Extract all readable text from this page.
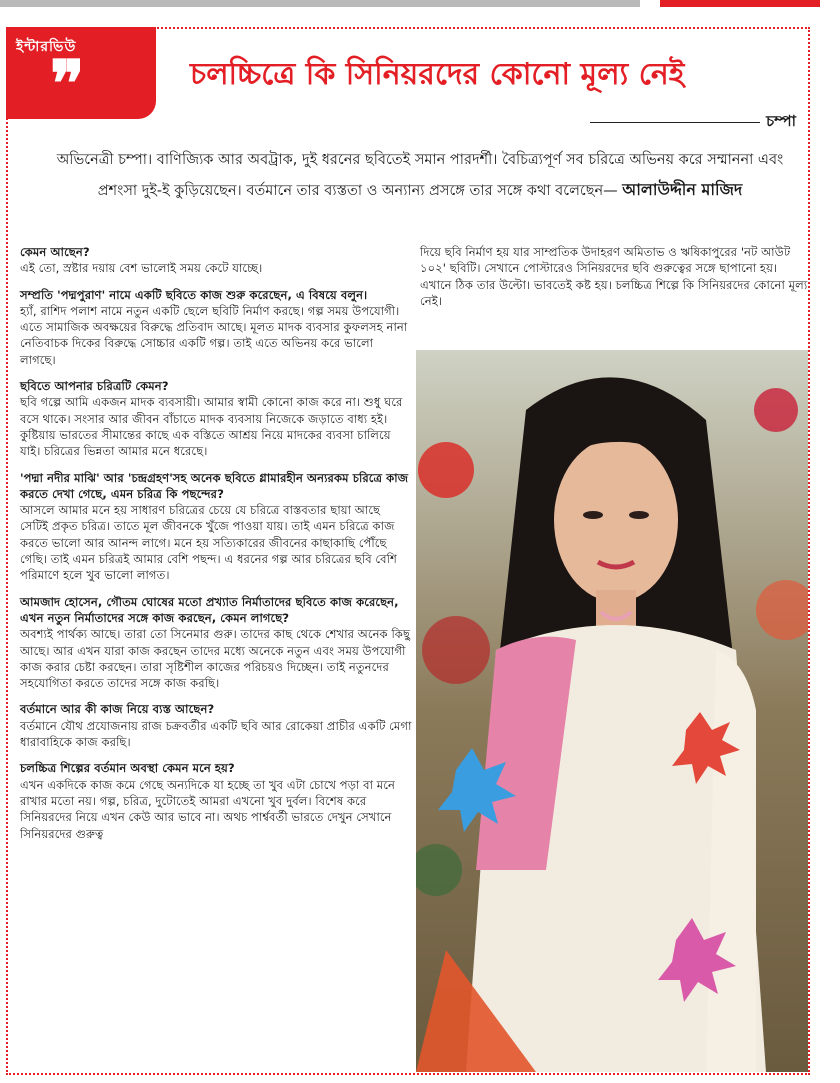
ইন্টারভিউ
❞	চলচ্চিত্রে কি সিনিয়রদের কোনো মূল্য নেই
চম্পা
অভিনেত্রী চম্পা। বাণিজ্যিক আর অবট্রাক, দুই ধরনের ছবিতেই সমান পারদর্শী। বৈচিত্র্যপূর্ণ সব চরিত্রে অভিনয় করে সম্মাননা এবং প্রশংসা দুই-ই কুড়িয়েছেন। বর্তমানে তার ব্যস্ততা ও অন্যান্য প্রসঙ্গে তার সঙ্গে কথা বলেছেন— আলাউদ্দীন মাজিদ
কেমন আছেন?
এই তো, স্রষ্টার দয়ায় বেশ ভালোই সময় কেটে যাচ্ছে।
সম্প্রতি 'পদ্মপুরাণ' নামে একটি ছবিতে কাজ শুরু করেছেন, এ বিষয়ে বলুন।
হ্যাঁ, রাশিদ পলাশ নামে নতুন একটি ছেলে ছবিটি নির্মাণ করছে। গল্প সময় উপযোগী। এতে সামাজিক অবক্ষয়ের বিরুদ্ধে প্রতিবাদ আছে। মূলত মাদক ব্যবসার কুফলসহ নানা নেতিবাচক দিকের বিরুদ্ধে সোচ্চার একটি গল্প। তাই এতে অভিনয় করে ভালো লাগছে।
ছবিতে আপনার চরিত্রটি কেমন?
ছবি গল্পে আমি একজন মাদক ব্যবসায়ী। আমার স্বামী কোনো কাজ করে না। শুধু ঘরে বসে থাকে। সংসার আর জীবন বাঁচাতে মাদক ব্যবসায় নিজেকে জড়াতে বাধ্য হই। কুষ্টিয়ায় ভারতের সীমান্তের কাছে এক বস্তিতে আশ্রয় নিয়ে মাদকের ব্যবসা চালিয়ে যাই। চরিত্রের ভিন্নতা আমার মনে ধরেছে।
'পদ্মা নদীর মাঝি' আর 'চন্দ্রগ্রহণ'সহ অনেক ছবিতে গ্লামারহীন অন্যরকম চরিত্রে কাজ করতে দেখা গেছে, এমন চরিত্র কি পছন্দের?
আসলে আমার মনে হয় সাধারণ চরিত্রের চেয়ে যে চরিত্রে বাস্তবতার ছায়া আছে সেটিই প্রকৃত চরিত্র। তাতে মূল জীবনকে খুঁজে পাওয়া যায়। তাই এমন চরিত্রে কাজ করতে ভালো আর আনন্দ লাগে। মনে হয় সত্যিকারের জীবনের কাছাকাছি পৌঁছে গেছি। তাই এমন চরিত্রই আমার বেশি পছন্দ। এ ধরনের গল্প আর চরিত্রের ছবি বেশি পরিমাণে হলে খুব ভালো লাগত।
আমজাদ হোসেন, গৌতম ঘোষের মতো প্রখ্যাত নির্মাতাদের ছবিতে কাজ করেছেন, এখন নতুন নির্মাতাদের সঙ্গে কাজ করছেন, কেমন লাগছে?
অবশ্যই পার্থক্য আছে। তারা তো সিনেমার গুরু। তাদের কাছ থেকে শেখার অনেক কিছু আছে। আর এখন যারা কাজ করছেন তাদের মধ্যে অনেকে নতুন এবং সময় উপযোগী কাজ করার চেষ্টা করছেন। তারা সৃষ্টিশীল কাজের পরিচয়ও দিচ্ছেন। তাই নতুনদের সহযোগিতা করতে তাদের সঙ্গে কাজ করছি।
বর্তমানে আর কী কাজ নিয়ে ব্যস্ত আছেন?
বর্তমানে যৌথ প্রযোজনায় রাজ চক্রবর্তীর একটি ছবি আর রোকেয়া প্রাচীর একটি মেগা ধারাবাহিকে কাজ করছি।
চলচ্চিত্র শিল্পের বর্তমান অবস্থা কেমন মনে হয়?
এখন একদিকে কাজ কমে গেছে অন্যদিকে যা হচ্ছে তা খুব এটা চোখে পড়া বা মনে রাখার মতো নয়। গল্প, চরিত্র, দুটোতেই আমরা এখনো খুব দুর্বল। বিশেষ করে সিনিয়রদের নিয়ে এখন কেউ আর ভাবে না। অথচ পার্শ্ববর্তী ভারতে দেখুন সেখানে সিনিয়রদের গুরুত্ব
দিয়ে ছবি নির্মাণ হয় যার সাম্প্রতিক উদাহরণ অমিতাভ ও ঋষিকাপুরের 'নট আউট ১০২' ছবিটি। সেখানে পোস্টারেও সিনিয়রদের ছবি গুরুত্বের সঙ্গে ছাপানো হয়। এখানে ঠিক তার উল্টো। ভাবতেই কষ্ট হয়। চলচ্চিত্র শিল্পে কি সিনিয়রদের কোনো মূল্য নেই।
